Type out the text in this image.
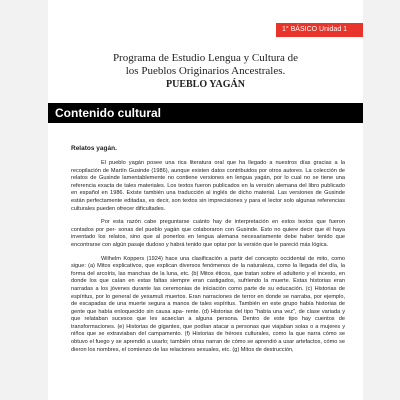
1° BÁSICO Unidad 1
Programa de Estudio Lengua y Cultura de
los Pueblos Originarios Ancestrales.
PUEBLO YAGÁN
Contenido cultural
Relatos yagán.

El pueblo yagán posee una rica literatura oral que ha llegado a nuestros días gracias a la recopilación de Martín Gusinde (1986), aunque existen datos contribuidos por otros autores. La colección de relatos de Gusinde lamentablemente no contiene versiones en lengua yagán, por lo cual no se tiene una referencia exacta de tales materiales. Los textos fueron publicados en la versión alemana del libro publicado en español en 1986. Existe también una traducción al inglés de dicho material. Las versiones de Gusinde están perfectamente editadas, es decir, son textos sin imprecisiones y para el lector solo algunas referencias culturales pueden ofrecer dificultades.

Por esta razón cabe preguntarse cuánto hay de interpretación en estos textos que fueron contados por per- sonas del pueblo yagán que colaboraron con Gusinde. Esto no quiere decir que él haya inventado los relatos, sino que al ponerlos en lengua alemana necesariamente debe haber tenido que encontrarse con algún pasaje dudoso y habrá tenido que optar por la versión que le pareció más lógica.

Wilhelm Koppers (1924) hace una clasificación a partir del concepto occidental de mito, como sigue: (a) Mitos explicativos, que explican diversos fenómenos de la naturaleza, como la llegada del día, la forma del arcoíris, las manchas de la luna, etc. (b) Mitos éticos, que tratan sobre el adulterio y el incesto, en donde los que caían en estas faltas siempre eran castigados, sufriendo la muerte. Estas historias eran narradas a los jóvenes durante las ceremonias de iniciación como parte de su educación. (c) Historias de espíritus, por lo general de yexamuš muertos. Eran narraciones de terror en donde se narraba, por ejemplo, de escapadas de una muerte segura a manos de tales espíritus. También en este grupo había historias de gente que había enloquecido sin causa apa- rente. (d) Historias del tipo "había una vez", de clase variada y que relataban sucesos que les acaecían a alguna persona. Dentro de este tipo hay cuentos de transformaciones. (e) Historias de gigantes, que podían atacar a personas que viajaban solas o a mujeres y niños que se extraviaban del campamento. (f) Historias de héroes culturales, como la que narra cómo se obtuvo el fuego y se aprendió a usarlo; también otras narran de cómo se aprendió a usar artefactos, cómo se dieron los nombres, el comienzo de las relaciones sexuales, etc. (g) Mitos de destrucción,
